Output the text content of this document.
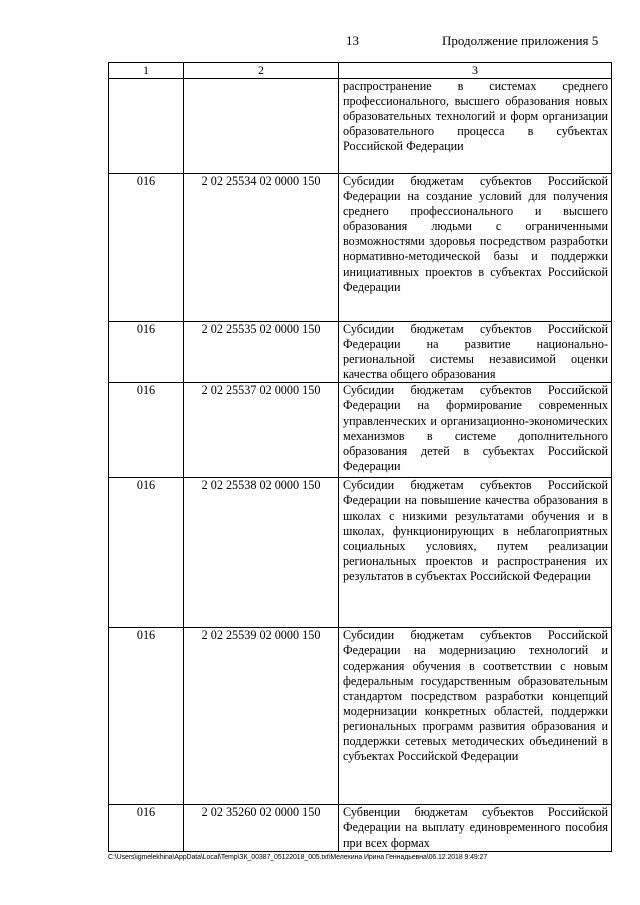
13	Продолжение приложения 5
1	2	3
		распространение в системах среднего профессионального, высшего образования новых образовательных технологий и форм организации образовательного процесса в субъектах Российской Федерации
016	2 02 25534 02 0000 150	Субсидии бюджетам субъектов Российской Федерации на создание условий для получения среднего профессионального и высшего образования людьми с ограниченными возможностями здоровья посредством разработки нормативно-методической базы и поддержки инициативных проектов в субъектах Российской Федерации
016	2 02 25535 02 0000 150	Субсидии бюджетам субъектов Российской Федерации на развитие национально-региональной системы независимой оценки качества общего образования
016	2 02 25537 02 0000 150	Субсидии бюджетам субъектов Российской Федерации на формирование современных управленческих и организационно-экономических механизмов в системе дополнительного образования детей в субъектах Российской Федерации
016	2 02 25538 02 0000 150	Субсидии бюджетам субъектов Российской Федерации на повышение качества образования в школах с низкими результатами обучения и в школах, функционирующих в неблагоприятных социальных условиях, путем реализации региональных проектов и распространения их результатов в субъектах Российской Федерации
016	2 02 25539 02 0000 150	Субсидии бюджетам субъектов Российской Федерации на модернизацию технологий и содержания обучения в соответствии с новым федеральным государственным образовательным стандартом посредством разработки концепций модернизации конкретных областей, поддержки региональных программ развития образования и поддержки сетевых методических объединений в субъектах Российской Федерации
016	2 02 35260 02 0000 150	Субвенции бюджетам субъектов Российской Федерации на выплату единовременного пособия при всех формах
C:\Users\igmelekhina\AppData\Local\Temp\ЗК_00387_05122018_005.txt\Мелехина Ирина Геннадьевна\06.12.2018 9:49:27
